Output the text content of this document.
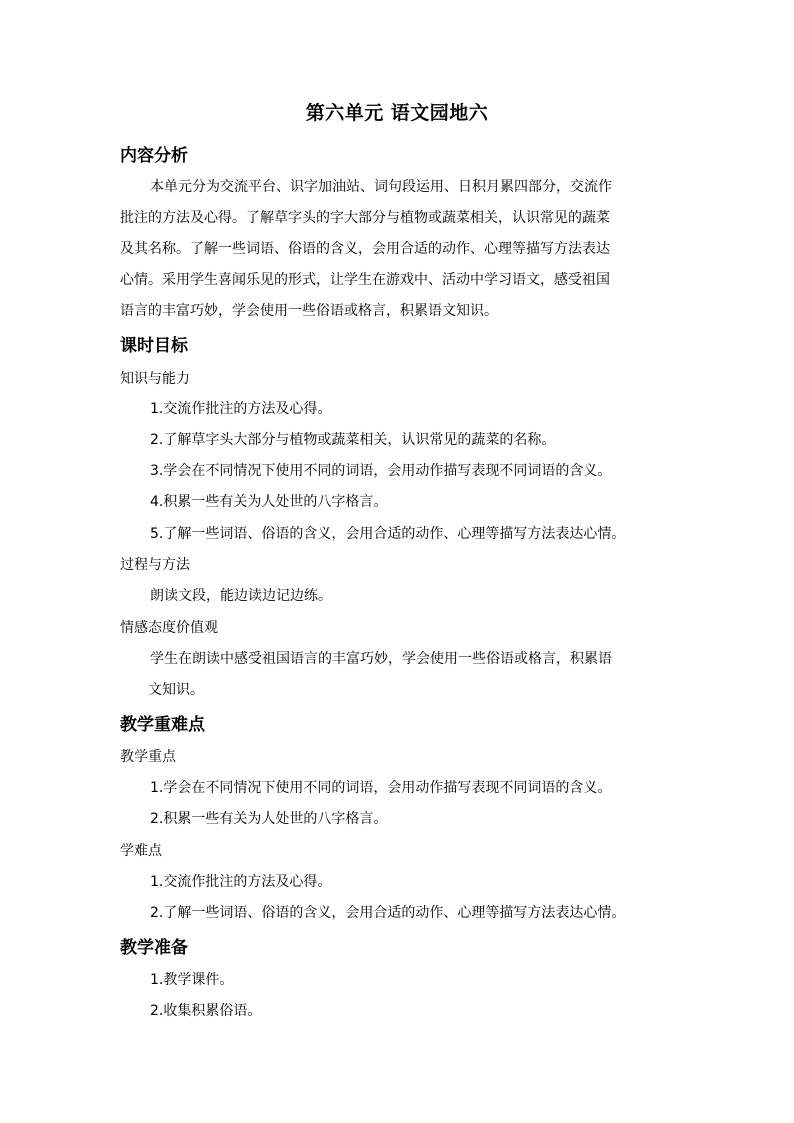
第六单元 语文园地六
内容分析
本单元分为交流平台、识字加油站、词句段运用、日积月累四部分，交流作
批注的方法及心得。了解草字头的字大部分与植物或蔬菜相关，认识常见的蔬菜
及其名称。了解一些词语、俗语的含义，会用合适的动作、心理等描写方法表达
心情。采用学生喜闻乐见的形式，让学生在游戏中、活动中学习语文，感受祖国
语言的丰富巧妙，学会使用一些俗语或格言，积累语文知识。
课时目标
知识与能力
1.交流作批注的方法及心得。
2.了解草字头大部分与植物或蔬菜相关，认识常见的蔬菜的名称。
3.学会在不同情况下使用不同的词语，会用动作描写表现不同词语的含义。
4.积累一些有关为人处世的八字格言。
5.了解一些词语、俗语的含义，会用合适的动作、心理等描写方法表达心情。
过程与方法
朗读文段，能边读边记边练。
情感态度价值观
学生在朗读中感受祖国语言的丰富巧妙，学会使用一些俗语或格言，积累语
文知识。
教学重难点
教学重点
1.学会在不同情况下使用不同的词语，会用动作描写表现不同词语的含义。
2.积累一些有关为人处世的八字格言。
学难点
1.交流作批注的方法及心得。
2.了解一些词语、俗语的含义，会用合适的动作、心理等描写方法表达心情。
教学准备
1.教学课件。
2.收集积累俗语。
